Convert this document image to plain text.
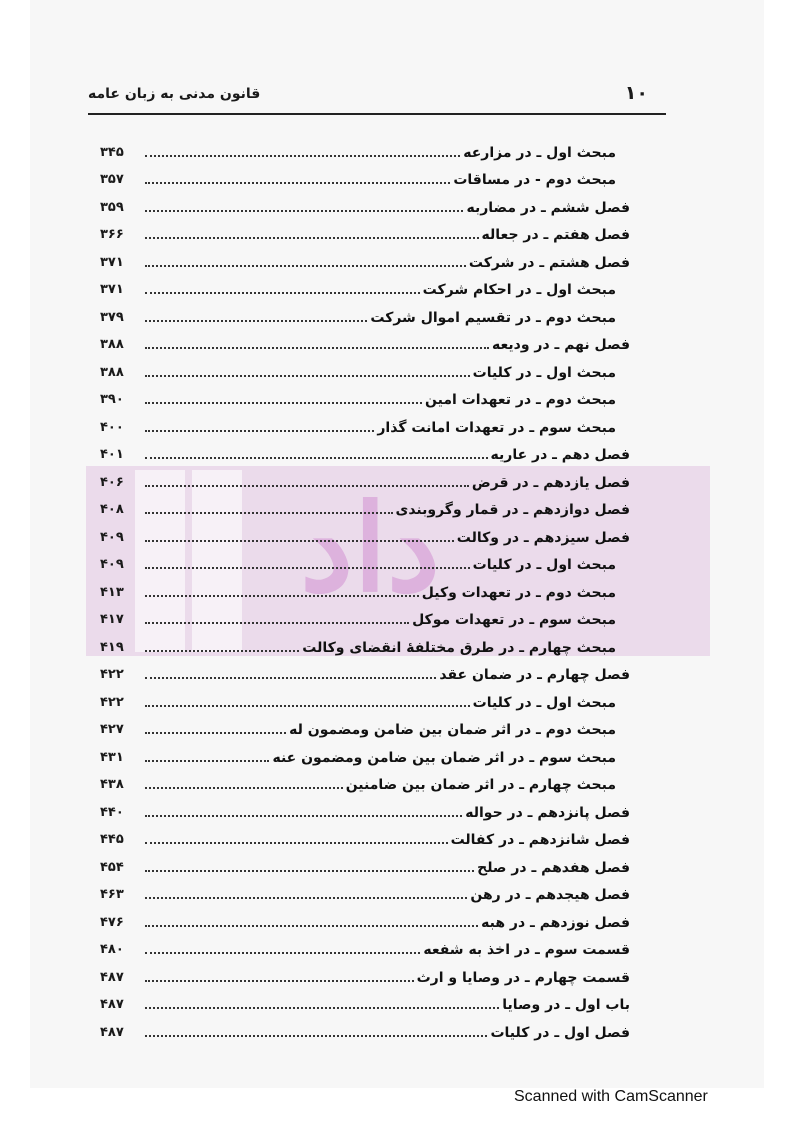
داد
۱۰
قانون مدنی به زبان عامه
۳۴۵	مبحث اول ـ در مزارعه
۳۵۷	مبحث دوم - در مساقات
۳۵۹	فصل ششم ـ در مضاربه
۳۶۶	فصل هفتم ـ در جعاله
۳۷۱	فصل هشتم ـ در شرکت
۳۷۱	مبحث اول ـ در احکام شرکت
۳۷۹	مبحث دوم ـ در تقسیم اموال شرکت
۳۸۸	فصل نهم ـ در ودیعه
۳۸۸	مبحث اول ـ در کلیات
۳۹۰	مبحث دوم ـ در تعهدات امین
۴۰۰	مبحث سوم ـ در تعهدات امانت گذار
۴۰۱	فصل دهم ـ در عاریه
۴۰۶	فصل یازدهم ـ در قرض
۴۰۸	فصل دوازدهم ـ در قمار وگروبندی
۴۰۹	فصل سیزدهم ـ در وکالت
۴۰۹	مبحث اول ـ در کلیات
۴۱۳	مبحث دوم ـ در تعهدات وکیل
۴۱۷	مبحث سوم ـ در تعهدات موکل
۴۱۹	مبحث چهارم ـ در طرق مختلفهٔ انقضای وکالت
۴۲۲	فصل چهارم ـ در ضمان عقد
۴۲۲	مبحث اول ـ در کلیات
۴۲۷	مبحث دوم ـ در اثر ضمان بین ضامن ومضمون له
۴۳۱	مبحث سوم ـ در اثر ضمان بین ضامن ومضمون عنه
۴۳۸	مبحث چهارم ـ در اثر ضمان بین ضامنین
۴۴۰	فصل پانزدهم ـ در حواله
۴۴۵	فصل شانزدهم ـ در کفالت
۴۵۴	فصل هفدهم ـ در صلح
۴۶۳	فصل هیجدهم ـ در رهن
۴۷۶	فصل نوزدهم ـ در هبه
۴۸۰	قسمت سوم ـ در اخذ به شفعه
۴۸۷	قسمت چهارم ـ در وصایا و ارث
۴۸۷	باب اول ـ در وصایا
۴۸۷	فصل اول ـ در کلیات
Scanned with CamScanner
